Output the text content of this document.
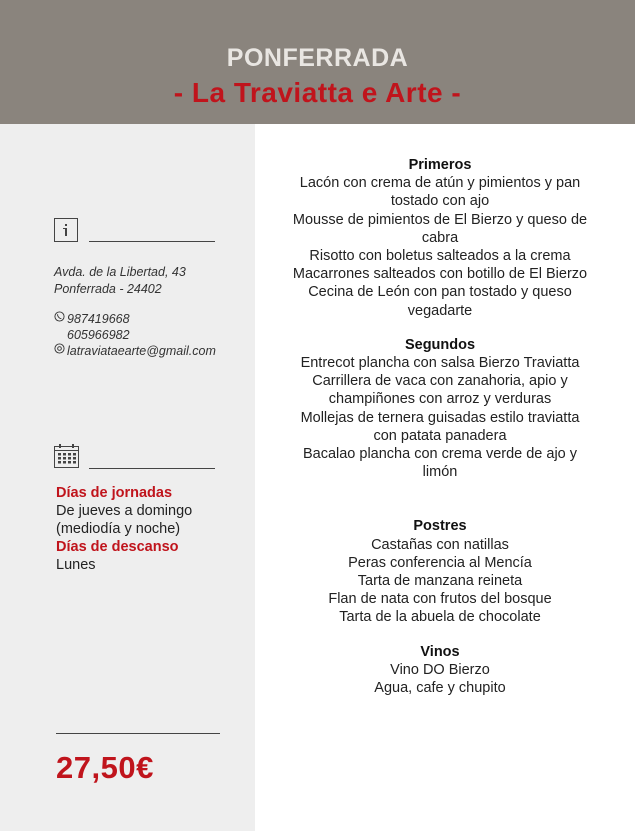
PONFERRADA
- La Traviatta e Arte -
Avda. de la Libertad, 43
Ponferrada - 24402
987419668
605966982
latraviataearte@gmail.com
Días de jornadas
De jueves a domingo
(mediodía y noche)
Días de descanso
Lunes
27,50€
Primeros
Lacón con crema de atún y pimientos y pan
tostado con ajo
Mousse de pimientos de El Bierzo y queso de
cabra
Risotto con boletus salteados a la crema
Macarrones salteados con botillo de El Bierzo
Cecina de León con pan tostado y queso
vegadarte
Segundos
Entrecot plancha con salsa Bierzo Traviatta
Carrillera de vaca con zanahoria, apio y
champiñones con arroz y verduras
Mollejas de ternera guisadas estilo traviatta
con patata panadera
Bacalao plancha con crema verde de ajo y
limón
Postres
Castañas con natillas
Peras conferencia al Mencía
Tarta de manzana reineta
Flan de nata con frutos del bosque
Tarta de la abuela de chocolate
Vinos
Vino DO Bierzo
Agua, cafe y chupito
